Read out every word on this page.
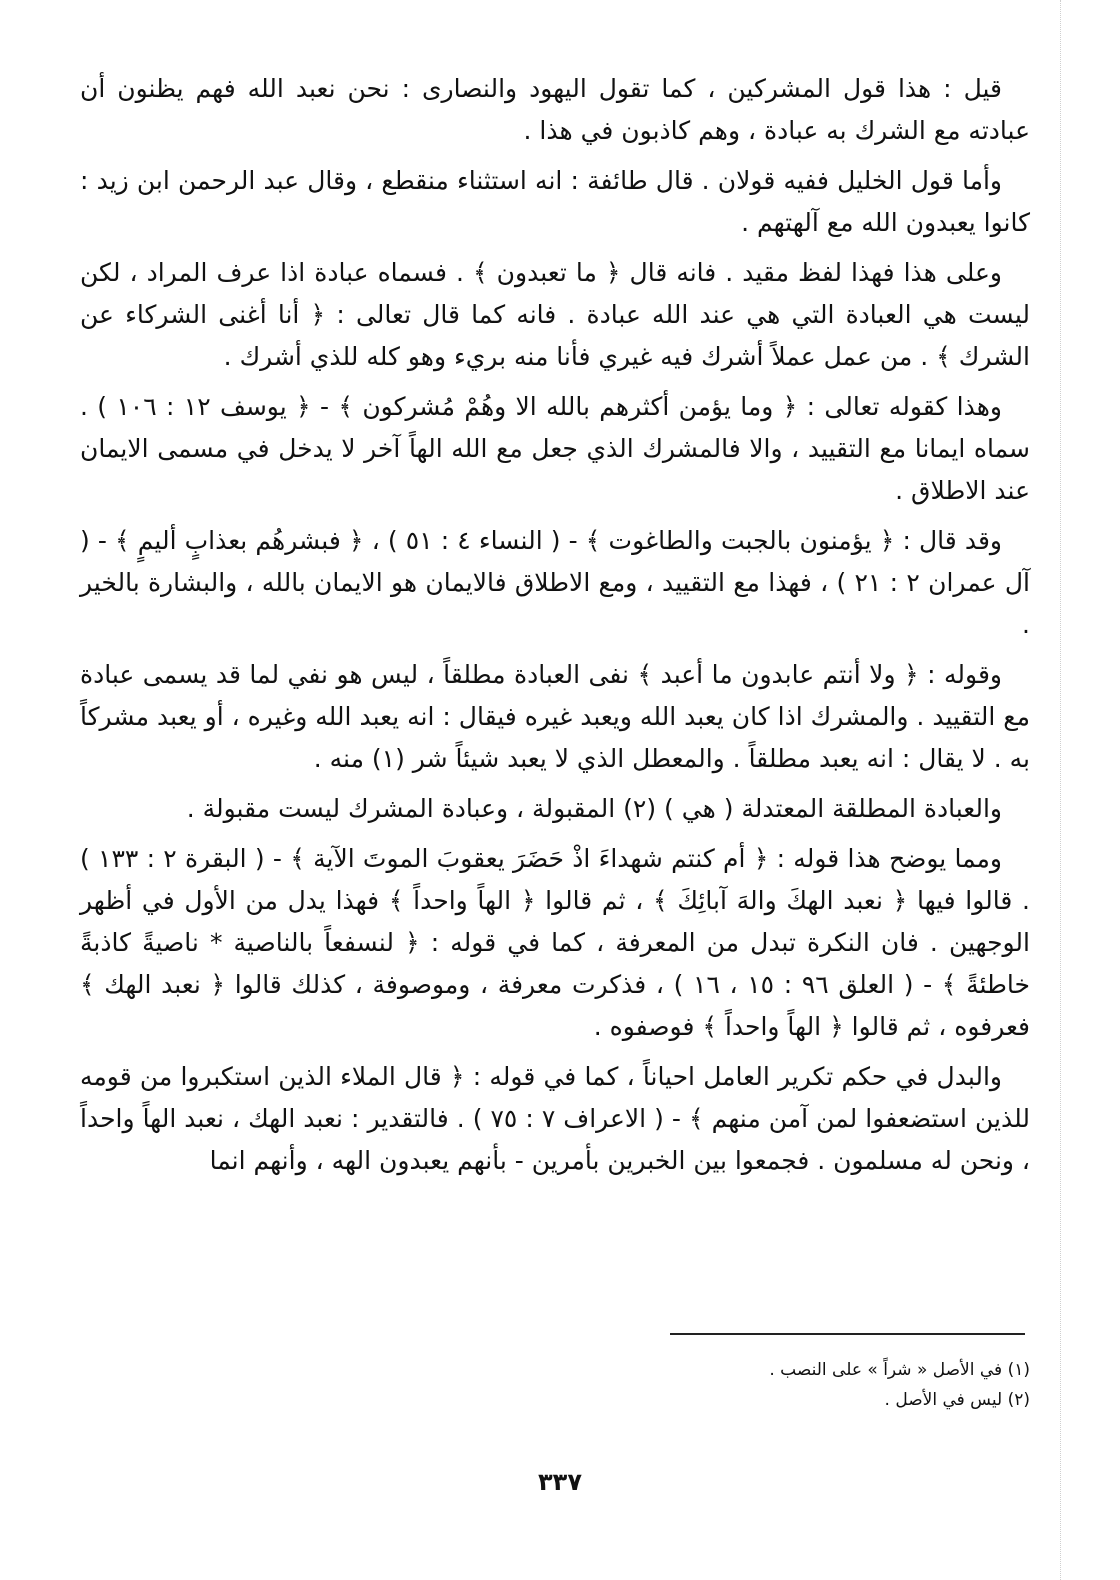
قيل : هذا قول المشركين ، كما تقول اليهود والنصارى : نحن نعبد الله فهم يظنون أن عبادته مع الشرك به عبادة ، وهم كاذبون في هذا .

وأما قول الخليل ففيه قولان . قال طائفة : انه استثناء منقطع ، وقال عبد الرحمن ابن زيد : كانوا يعبدون الله مع آلهتهم .

وعلى هذا فهذا لفظ مقيد . فانه قال ﴿ ما تعبدون ﴾ . فسماه عبادة اذا عرف المراد ، لكن ليست هي العبادة التي هي عند الله عبادة . فانه كما قال تعالى : ﴿ أنا أغنى الشركاء عن الشرك ﴾ . من عمل عملاً أشرك فيه غيري فأنا منه بريء وهو كله للذي أشرك .

وهذا كقوله تعالى : ﴿ وما يؤمن أكثرهم بالله الا وهُمْ مُشركون ﴾ - ﴿ يوسف ١٢ : ١٠٦ ) . سماه ايمانا مع التقييد ، والا فالمشرك الذي جعل مع الله الهاً آخر لا يدخل في مسمى الايمان عند الاطلاق .

وقد قال : ﴿ يؤمنون بالجبت والطاغوت ﴾ - ( النساء ٤ : ٥١ ) ، ﴿ فبشرهُم بعذابٍ أليمٍ ﴾ - ( آل عمران ٢ : ٢١ ) ، فهذا مع التقييد ، ومع الاطلاق فالايمان هو الايمان بالله ، والبشارة بالخير .

وقوله : ﴿ ولا أنتم عابدون ما أعبد ﴾ نفى العبادة مطلقاً ، ليس هو نفي لما قد يسمى عبادة مع التقييد . والمشرك اذا كان يعبد الله ويعبد غيره فيقال : انه يعبد الله وغيره ، أو يعبد مشركاً به . لا يقال : انه يعبد مطلقاً . والمعطل الذي لا يعبد شيئاً شر (١) منه .

والعبادة المطلقة المعتدلة ( هي ) (٢) المقبولة ، وعبادة المشرك ليست مقبولة .

ومما يوضح هذا قوله : ﴿ أم كنتم شهداءَ اذْ حَضَرَ يعقوبَ الموتَ الآية ﴾ - ( البقرة ٢ : ١٣٣ ) . قالوا فيها ﴿ نعبد الهكَ والهَ آبائِكَ ﴾ ، ثم قالوا ﴿ الهاً واحداً ﴾ فهذا يدل من الأول في أظهر الوجهين . فان النكرة تبدل من المعرفة ، كما في قوله : ﴿ لنسفعاً بالناصية * ناصيةً كاذبةً خاطئةً ﴾ - ( العلق ٩٦ : ١٥ ، ١٦ ) ، فذكرت معرفة ، وموصوفة ، كذلك قالوا ﴿ نعبد الهك ﴾ فعرفوه ، ثم قالوا ﴿ الهاً واحداً ﴾ فوصفوه .

والبدل في حكم تكرير العامل احياناً ، كما في قوله : ﴿ قال الملاء الذين استكبروا من قومه للذين استضعفوا لمن آمن منهم ﴾ - ( الاعراف ٧ : ٧٥ ) . فالتقدير : نعبد الهك ، نعبد الهاً واحداً ، ونحن له مسلمون . فجمعوا بين الخبرين بأمرين - بأنهم يعبدون الهه ، وأنهم انما

(١) في الأصل « شراً » على النصب .

(٢) ليس في الأصل .

٣٣٧
